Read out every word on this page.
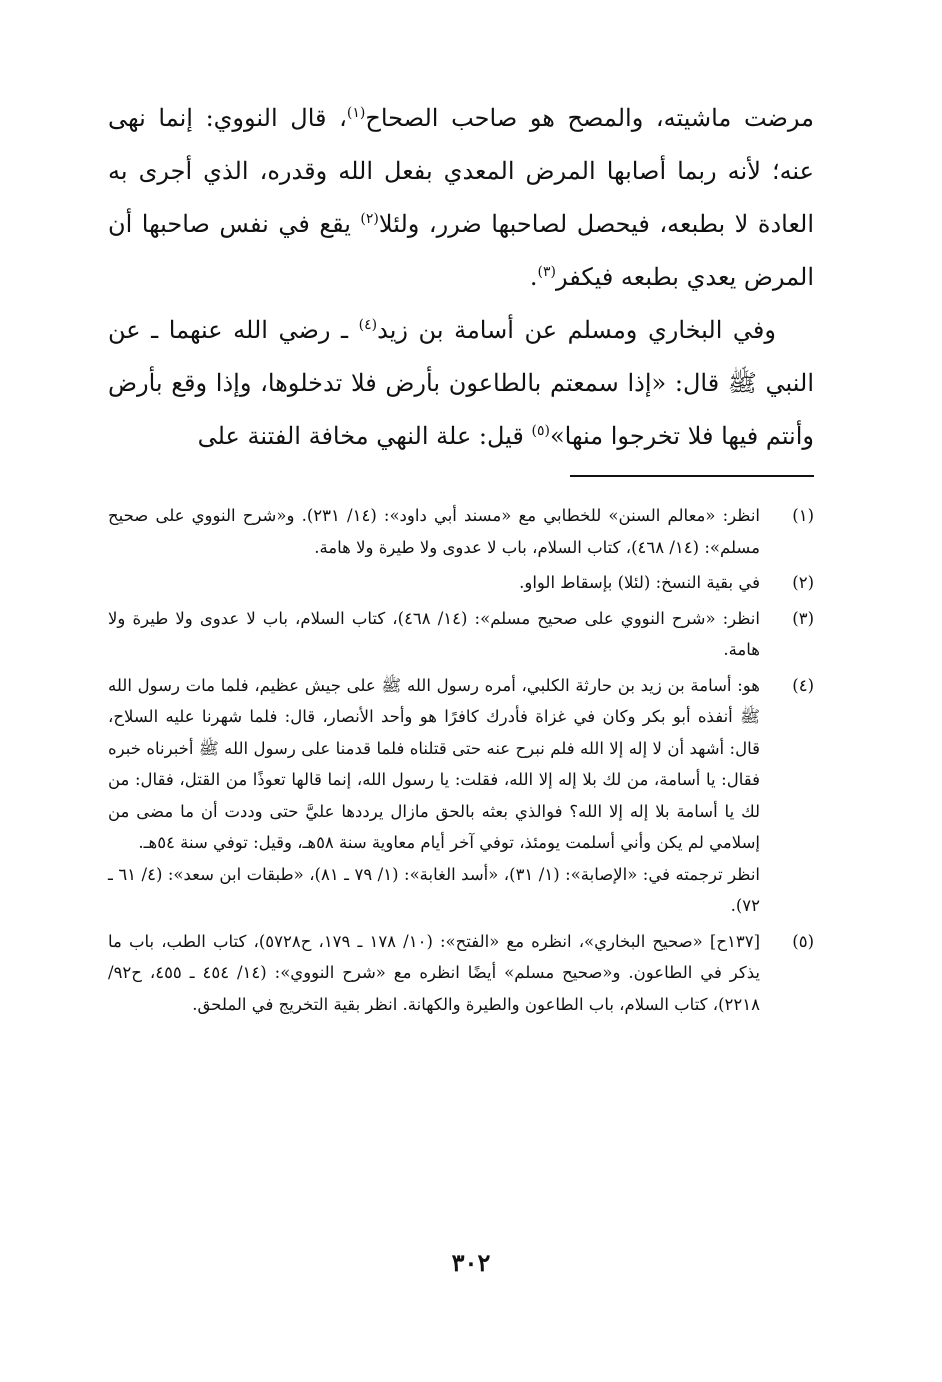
مرضت ماشيته، والمصح هو صاحب الصحاح$^{(١)}$، قال النووي: إنما نهى عنه؛ لأنه ربما أصابها المرض المعدي بفعل الله وقدره، الذي أجرى به العادة لا بطبعه، فيحصل لصاحبها ضرر، ولئلا$^{(٢)}$ يقع في نفس صاحبها أن المرض يعدي بطبعه فيكفر$^{(٣)}$.

وفي البخاري ومسلم عن أسامة بن زيد$^{(٤)}$ ـ رضي الله عنهما ـ عن النبي ﷺ قال: «إذا سمعتم بالطاعون بأرض فلا تدخلوها، وإذا وقع بأرض وأنتم فيها فلا تخرجوا منها»$^{(٥)}$ قيل: علة النهي مخافة الفتنة على

(١)

انظر: «معالم السنن» للخطابي مع «مسند أبي داود»: (١٤/ ٢٣١). و«شرح النووي على صحيح مسلم»: (١٤/ ٤٦٨)، كتاب السلام، باب لا عدوى ولا طيرة ولا هامة.

(٢)

في بقية النسخ: (لئلا) بإسقاط الواو.

(٣)

انظر: «شرح النووي على صحيح مسلم»: (١٤/ ٤٦٨)، كتاب السلام، باب لا عدوى ولا طيرة ولا هامة.

(٤)

هو: أسامة بن زيد بن حارثة الكلبي، أمره رسول الله ﷺ على جيش عظيم، فلما مات رسول الله ﷺ أنفذه أبو بكر وكان في غزاة فأدرك كافرًا هو وأحد الأنصار، قال: فلما شهرنا عليه السلاح، قال: أشهد أن لا إله إلا الله فلم نبرح عنه حتى قتلناه فلما قدمنا على رسول الله ﷺ أخبرناه خبره فقال: يا أسامة، من لك بلا إله إلا الله، فقلت: يا رسول الله، إنما قالها تعوذًا من القتل، فقال: من لك يا أسامة بلا إله إلا الله؟ فوالذي بعثه بالحق مازال يرددها عليَّ حتى وددت أن ما مضى من إسلامي لم يكن وأني أسلمت يومئذ، توفي آخر أيام معاوية سنة ٥٨هـ، وقيل: توفي سنة ٥٤هـ.

انظر ترجمته في: «الإصابة»: (١/ ٣١)، «أسد الغابة»: (١/ ٧٩ ـ ٨١)، «طبقات ابن سعد»: (٤/ ٦١ ـ ٧٢).

(٥)

[١٣٧ح] «صحيح البخاري»، انظره مع «الفتح»: (١٠/ ١٧٨ ـ ١٧٩، ح٥٧٢٨)، كتاب الطب، باب ما يذكر في الطاعون. و«صحيح مسلم» أيضًا انظره مع «شرح النووي»: (١٤/ ٤٥٤ ـ ٤٥٥، ح٩٢/ ٢٢١٨)، كتاب السلام، باب الطاعون والطيرة والكهانة. انظر بقية التخريج في الملحق.

٣٠٢
